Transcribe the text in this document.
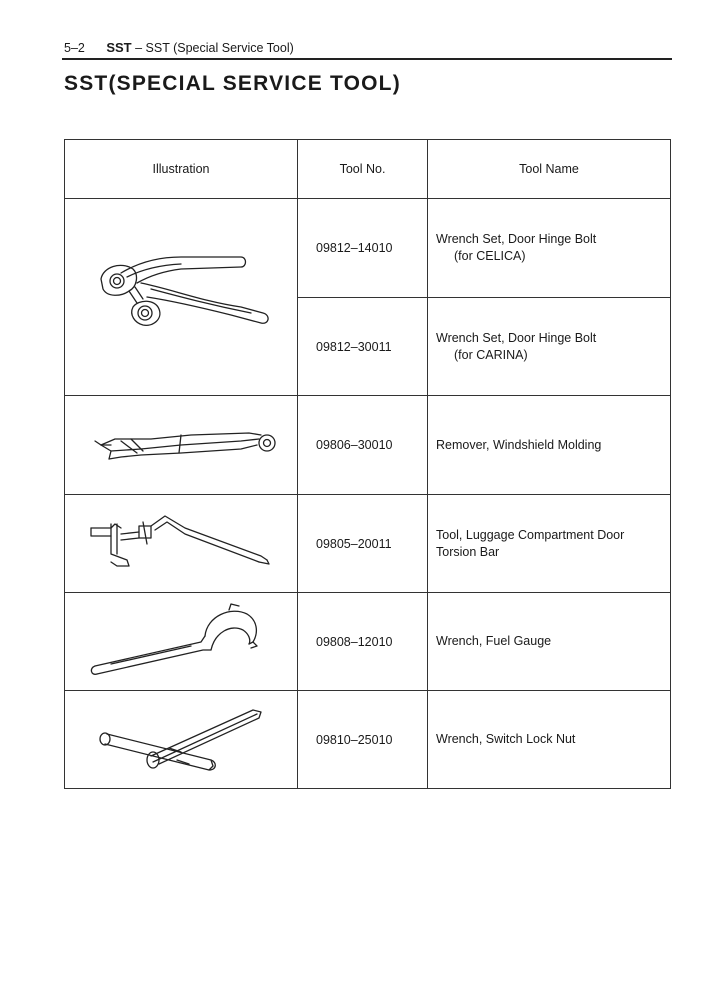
5–2 SST – SST (Special Service Tool)
SST(SPECIAL SERVICE TOOL)
Illustration	Tool No.	Tool Name

	09812–14010	Wrench Set, Door Hinge Bolt
(for CELICA)

	09812–30011	Wrench Set, Door Hinge Bolt
(for CARINA)

	09806–30010	Remover, Windshield Molding

	09805–20011	Tool, Luggage Compartment Door
Torsion Bar

	09808–12010	Wrench, Fuel Gauge

	09810–25010	Wrench, Switch Lock Nut
